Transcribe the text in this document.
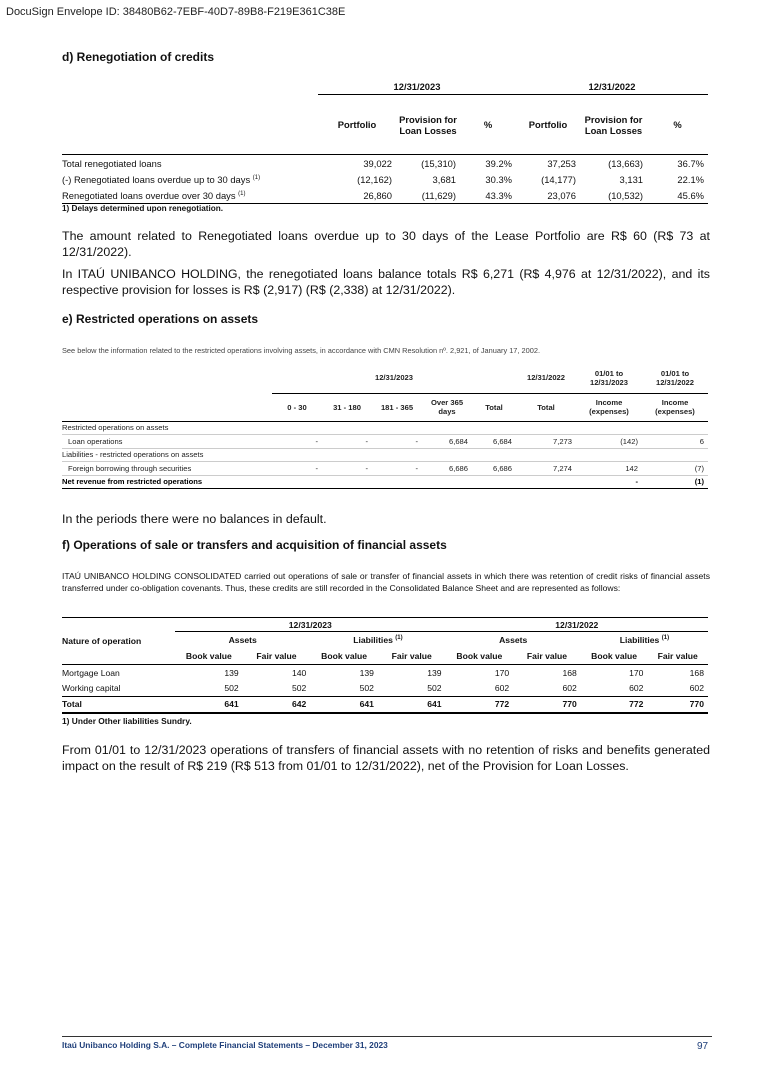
DocuSign Envelope ID: 38480B62-7EBF-40D7-89B8-F219E361C38E
d) Renegotiation of credits
	12/31/2023			12/31/2022		
	Portfolio	Provision for Loan Losses	%	Portfolio	Provision for Loan Losses	%
Total renegotiated loans	39,022	(15,310)	39.2%	37,253	(13,663)	36.7%
(-) Renegotiated loans overdue up to 30 days $^{(1)}$	(12,162)	3,681	30.3%	(14,177)	3,131	22.1%
Renegotiated loans overdue over 30 days $^{(1)}$	26,860	(11,629)	43.3%	23,076	(10,532)	45.6%
1) Delays determined upon renegotiation.
The amount related to Renegotiated loans overdue up to 30 days of the Lease Portfolio are R$ 60 (R$ 73 at 12/31/2022).
In ITAÚ UNIBANCO HOLDING, the renegotiated loans balance totals R$ 6,271 (R$ 4,976 at 12/31/2022), and its respective provision for losses is R$ (2,917) (R$ (2,338) at 12/31/2022).
e) Restricted operations on assets
See below the information related to the restricted operations involving assets, in accordance with CMN Resolution nº. 2,921, of January 17, 2002.
	12/31/2023					12/31/2022	01/01 to 12/31/2023	01/01 to 12/31/2022
	0 - 30	31 - 180	181 - 365	Over 365 days	Total	Total	Income (expenses)	Income (expenses)
Restricted operations on assets								
Loan operations	-	-	-	6,684	6,684	7,273	(142)	6
Liabilities - restricted operations on assets								
Foreign borrowing through securities	-	-	-	6,686	6,686	7,274	142	(7)
Net revenue from restricted operations							-	(1)
In the periods there were no balances in default.
f) Operations of sale or transfers and acquisition of financial assets
ITAÚ UNIBANCO HOLDING CONSOLIDATED carried out operations of sale or transfer of financial assets in which there was retention of credit risks of financial assets transferred under co-obligation covenants. Thus, these credits are still recorded in the Consolidated Balance Sheet and are represented as follows:
Nature of operation	12/31/2023				12/31/2022			
	Assets		Liabilities $^{(1)}$		Assets		Liabilities $^{(1)}$
	Book value	Fair value	Book value	Fair value	Book value	Fair value	Book value	Fair value
Mortgage Loan	139	140	139	139	170	168	170	168
Working capital	502	502	502	502	602	602	602	602
Total	641	642	641	641	772	770	772	770
1) Under Other liabilities Sundry.
From 01/01 to 12/31/2023 operations of transfers of financial assets with no retention of risks and benefits generated impact on the result of R$ 219 (R$ 513 from 01/01 to 12/31/2022), net of the Provision for Loan Losses.
Itaú Unibanco Holding S.A. – Complete Financial Statements – December 31, 2023	97
